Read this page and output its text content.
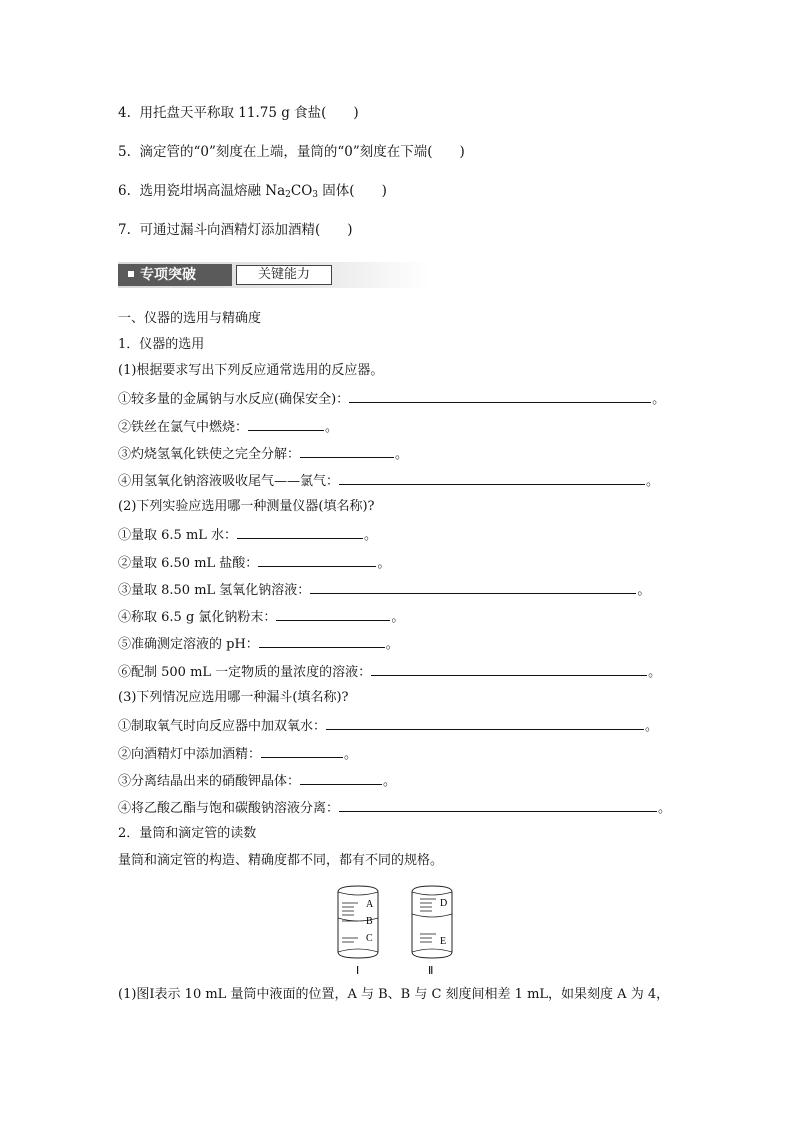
4. 用托盘天平称取 11.75 g 食盐(　　)
5. 滴定管的“0”刻度在上端，量筒的“0”刻度在下端(　　)
6. 选用瓷坩埚高温熔融 $Na_2CO_3$ 固体(　　)
7. 可通过漏斗向酒精灯添加酒精(　　)
专项突破	关键能力
一、仪器的选用与精确度
1．仪器的选用
(1)根据要求写出下列反应通常选用的反应器。
①较多量的金属钠与水反应(确保安全)：	。
②铁丝在氯气中燃烧：	。
③灼烧氢氧化铁使之完全分解：	。
④用氢氧化钠溶液吸收尾气——氯气：	。
(2)下列实验应选用哪一种测量仪器(填名称)?
①量取 6.5 mL 水：	。
②量取 6.50 mL 盐酸：	。
③量取 8.50 mL 氢氧化钠溶液：	。
④称取 6.5 g 氯化钠粉末：	。
⑤准确测定溶液的 pH：	。
⑥配制 500 mL 一定物质的量浓度的溶液：	。
(3)下列情况应选用哪一种漏斗(填名称)?
①制取氧气时向反应器中加双氧水：	。
②向酒精灯中添加酒精：	。
③分离结晶出来的硝酸钾晶体：	。
④将乙酸乙酯与饱和碳酸钠溶液分离：	。
2．量筒和滴定管的读数
量筒和滴定管的构造、精确度都不同，都有不同的规格。
A
B
C
Ⅰ
D
E
Ⅱ
(1)图Ⅰ表示 10 mL 量筒中液面的位置，A 与 B、B 与 C 刻度间相差 1 mL，如果刻度 A 为 4，
